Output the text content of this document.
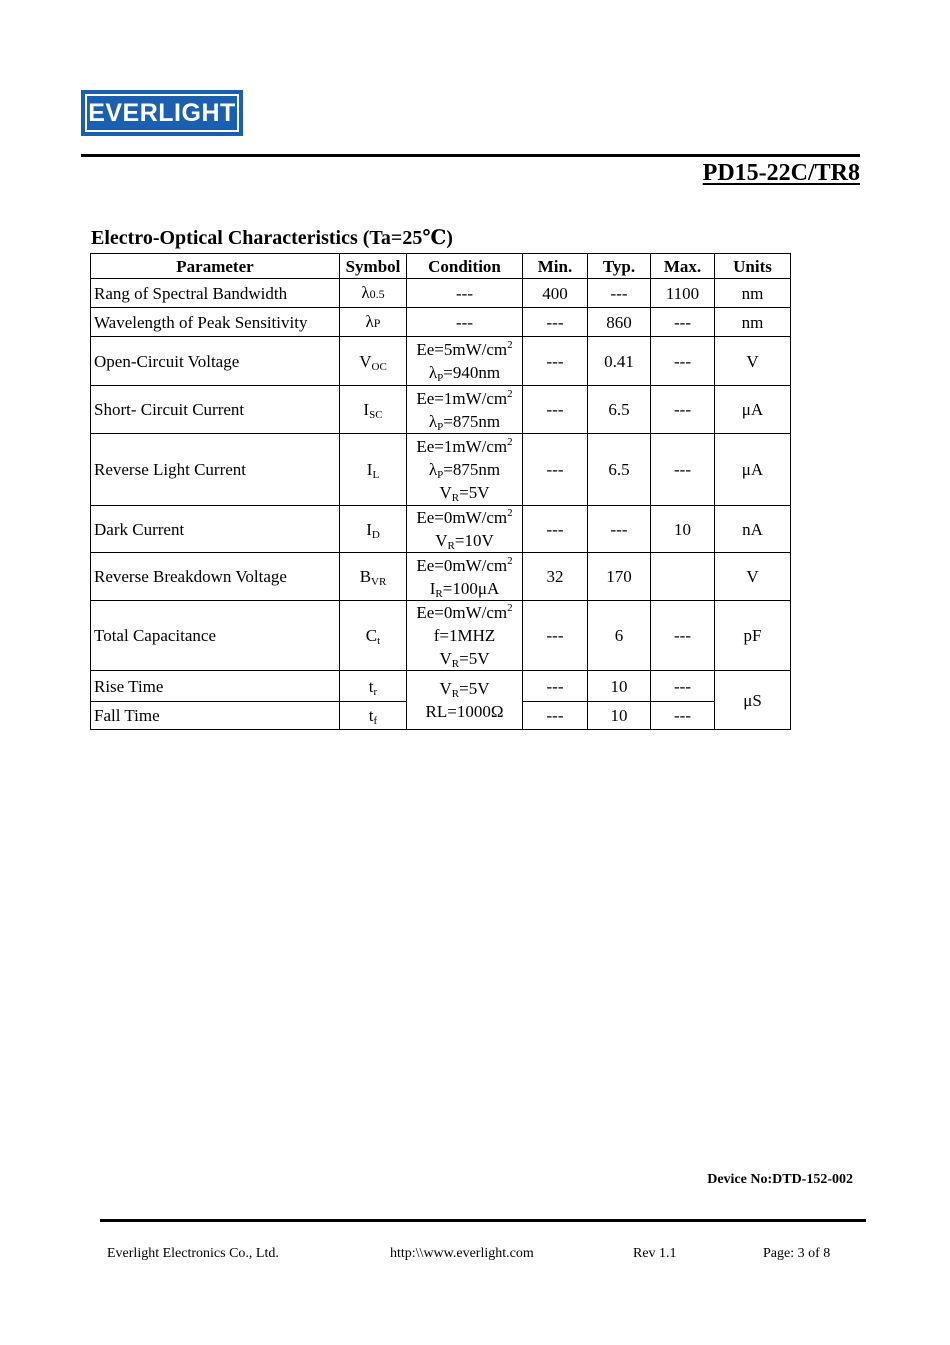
EVERLIGHT
PD15-22C/TR8
Electro-Optical Characteristics (Ta=25℃)
Parameter	Symbol	Condition	Min.	Typ.	Max.	Units
Rang of Spectral Bandwidth	λ0.5	---	400	---	1100	nm
Wavelength of Peak Sensitivity	λP	---	---	860	---	nm
Open-Circuit Voltage	$V_{OC}$	$Ee=5mW/cm^2$
$\lambda_P=940nm$	---	0.41	---	V
Short- Circuit Current	$I_{SC}$	$Ee=1mW/cm^2$
$\lambda_P=875nm$	---	6.5	---	μA
Reverse Light Current	$I_L$	$Ee=1mW/cm^2$
$\lambda_P=875nm$
$V_R=5V$	---	6.5	---	μA
Dark Current	$I_D$	$Ee=0mW/cm^2$
$V_R=10V$	---	---	10	nA
Reverse Breakdown Voltage	$B_{VR}$	$Ee=0mW/cm^2$
$I_R=100\mu A$	32	170		V
Total Capacitance	$C_t$	$Ee=0mW/cm^2$
f=1MHZ
$V_R=5V$	---	6	---	pF
Rise Time	$t_r$	$V_R=5V$
RL=1000Ω	---	10	---	μS
Fall Time	$t_f$		---	10	---	
Device No:DTD-152-002
Everlight Electronics Co., Ltd.	http:\\www.everlight.com	Rev 1.1	Page: 3 of 8
